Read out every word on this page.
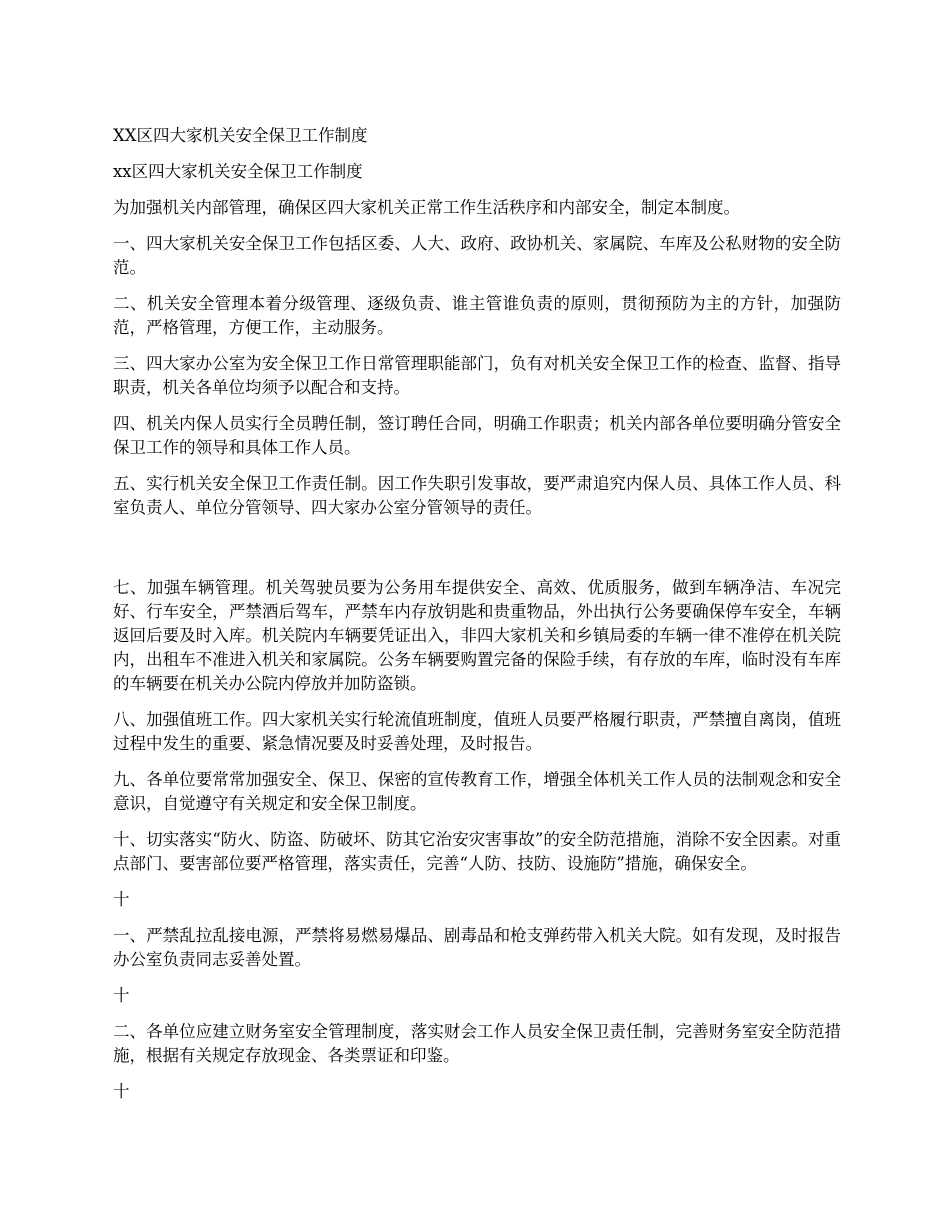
XX区四大家机关安全保卫工作制度

xx区四大家机关安全保卫工作制度

为加强机关内部管理，确保区四大家机关正常工作生活秩序和内部安全，制定本制度。

一、四大家机关安全保卫工作包括区委、人大、政府、政协机关、家属院、车库及公私财物的安全防范。

二、机关安全管理本着分级管理、逐级负责、谁主管谁负责的原则，贯彻预防为主的方针，加强防范，严格管理，方便工作，主动服务。

三、四大家办公室为安全保卫工作日常管理职能部门，负有对机关安全保卫工作的检查、监督、指导职责，机关各单位均须予以配合和支持。

四、机关内保人员实行全员聘任制，签订聘任合同，明确工作职责；机关内部各单位要明确分管安全保卫工作的领导和具体工作人员。

五、实行机关安全保卫工作责任制。因工作失职引发事故，要严肃追究内保人员、具体工作人员、科室负责人、单位分管领导、四大家办公室分管领导的责任。

七、加强车辆管理。机关驾驶员要为公务用车提供安全、高效、优质服务，做到车辆净洁、车况完好、行车安全，严禁酒后驾车，严禁车内存放钥匙和贵重物品，外出执行公务要确保停车安全，车辆返回后要及时入库。机关院内车辆要凭证出入，非四大家机关和乡镇局委的车辆一律不准停在机关院内，出租车不准进入机关和家属院。公务车辆要购置完备的保险手续，有存放的车库，临时没有车库的车辆要在机关办公院内停放并加防盗锁。

八、加强值班工作。四大家机关实行轮流值班制度，值班人员要严格履行职责，严禁擅自离岗，值班过程中发生的重要、紧急情况要及时妥善处理，及时报告。

九、各单位要常常加强安全、保卫、保密的宣传教育工作，增强全体机关工作人员的法制观念和安全意识，自觉遵守有关规定和安全保卫制度。

十、切实落实“防火、防盗、防破坏、防其它治安灾害事故”的安全防范措施，消除不安全因素。对重点部门、要害部位要严格管理，落实责任，完善“人防、技防、设施防”措施，确保安全。

十

一、严禁乱拉乱接电源，严禁将易燃易爆品、剧毒品和枪支弹药带入机关大院。如有发现，及时报告办公室负责同志妥善处置。

十

二、各单位应建立财务室安全管理制度，落实财会工作人员安全保卫责任制，完善财务室安全防范措施，根据有关规定存放现金、各类票证和印鉴。

十
